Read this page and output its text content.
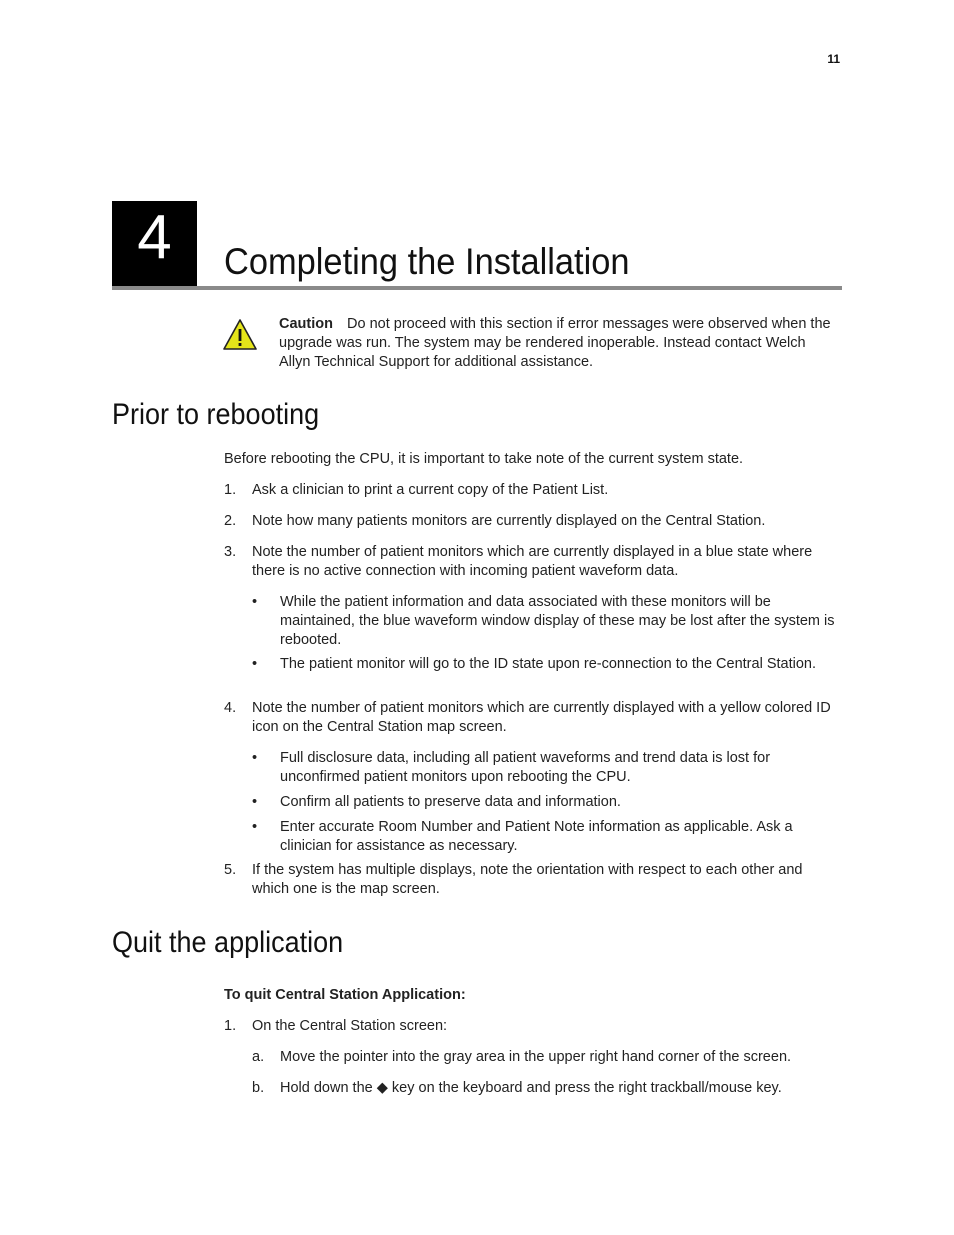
11
4	Completing the Installation
Caution Do not proceed with this section if error messages were observed when the upgrade was run. The system may be rendered inoperable. Instead contact Welch Allyn Technical Support for additional assistance.
Prior to rebooting
Before rebooting the CPU, it is important to take note of the current system state.
1. Ask a clinician to print a current copy of the Patient List.
2. Note how many patients monitors are currently displayed on the Central Station.
3. Note the number of patient monitors which are currently displayed in a blue state where there is no active connection with incoming patient waveform data.
• While the patient information and data associated with these monitors will be maintained, the blue waveform window display of these may be lost after the system is rebooted.
• The patient monitor will go to the ID state upon re-connection to the Central Station.
4. Note the number of patient monitors which are currently displayed with a yellow colored ID icon on the Central Station map screen.
• Full disclosure data, including all patient waveforms and trend data is lost for unconfirmed patient monitors upon rebooting the CPU.
• Confirm all patients to preserve data and information.
• Enter accurate Room Number and Patient Note information as applicable. Ask a clinician for assistance as necessary.
5. If the system has multiple displays, note the orientation with respect to each other and which one is the map screen.
Quit the application
To quit Central Station Application:
1. On the Central Station screen:
a. Move the pointer into the gray area in the upper right hand corner of the screen.
b. Hold down the ◆ key on the keyboard and press the right trackball/mouse key.
